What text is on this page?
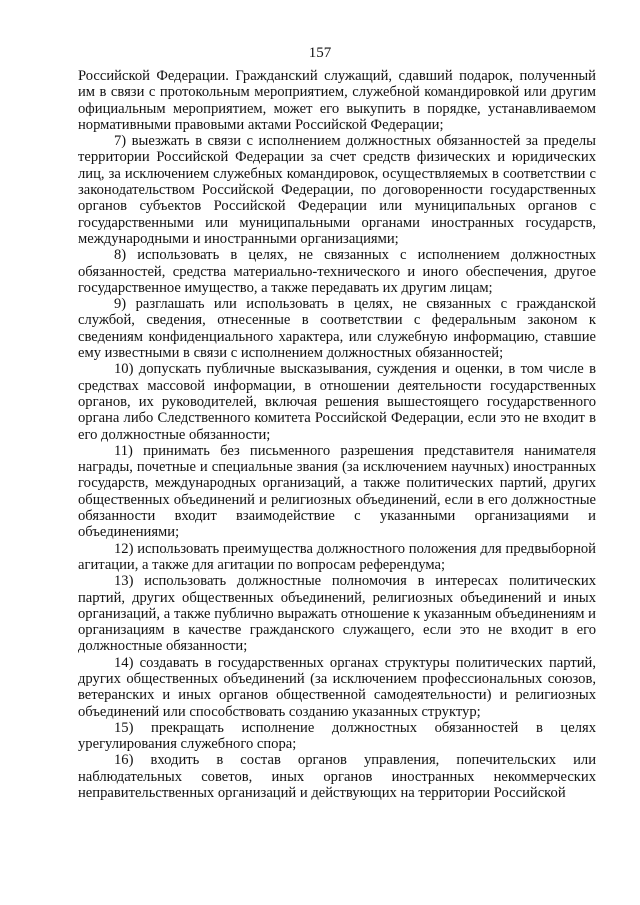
157

Российской Федерации. Гражданский служащий, сдавший подарок, полученный им в связи с протокольным мероприятием, служебной командировкой или другим официальным мероприятием, может его выкупить в порядке, устанавливаемом нормативными правовыми актами Российской Федерации;

7) выезжать в связи с исполнением должностных обязанностей за пределы территории Российской Федерации за счет средств физических и юридических лиц, за исключением служебных командировок, осуществляемых в соответствии с законодательством Российской Федерации, по договоренности государственных органов субъектов Российской Федерации или муниципальных органов с государственными или муниципальными органами иностранных государств, международными и иностранными организациями;

8) использовать в целях, не связанных с исполнением должностных обязанностей, средства материально-технического и иного обеспечения, другое государственное имущество, а также передавать их другим лицам;

9) разглашать или использовать в целях, не связанных с гражданской службой, сведения, отнесенные в соответствии с федеральным законом к сведениям конфиденциального характера, или служебную информацию, ставшие ему известными в связи с исполнением должностных обязанностей;

10) допускать публичные высказывания, суждения и оценки, в том числе в средствах массовой информации, в отношении деятельности государственных органов, их руководителей, включая решения вышестоящего государственного органа либо Следственного комитета Российской Федерации, если это не входит в его должностные обязанности;

11) принимать без письменного разрешения представителя нанимателя награды, почетные и специальные звания (за исключением научных) иностранных государств, международных организаций, а также политических партий, других общественных объединений и религиозных объединений, если в его должностные обязанности входит взаимодействие с указанными организациями и объединениями;

12) использовать преимущества должностного положения для предвыборной агитации, а также для агитации по вопросам референдума;

13) использовать должностные полномочия в интересах политических партий, других общественных объединений, религиозных объединений и иных организаций, а также публично выражать отношение к указанным объединениям и организациям в качестве гражданского служащего, если это не входит в его должностные обязанности;

14) создавать в государственных органах структуры политических партий, других общественных объединений (за исключением профессиональных союзов, ветеранских и иных органов общественной самодеятельности) и религиозных объединений или способствовать созданию указанных структур;

15) прекращать исполнение должностных обязанностей в целях урегулирования служебного спора;

16) входить в состав органов управления, попечительских или наблюдательных советов, иных органов иностранных некоммерческих неправительственных организаций и действующих на территории Российской
